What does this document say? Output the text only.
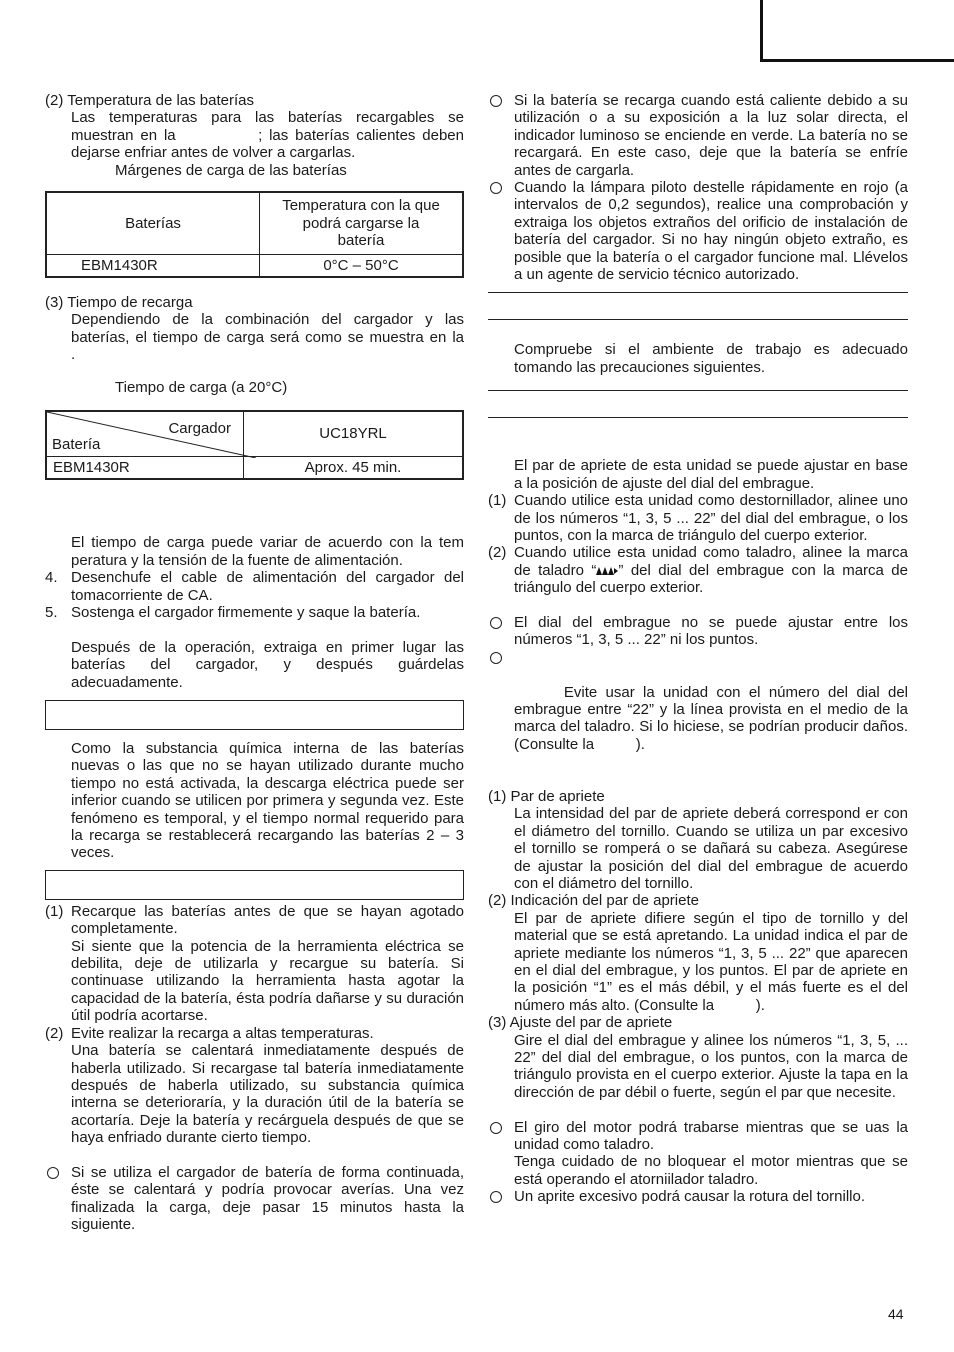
(2) Temperatura de las baterías
Las temperaturas para las baterías recargables se muestran en la            ; las baterías calientes deben dejarse enfriar antes de volver a cargarlas.
Márgenes de carga de las baterías
Baterías	Temperatura con la que podrá cargarse la batería
EBM1430R	0°C – 50°C
(3) Tiempo de recarga
Dependiendo de la combinación del cargador y las baterías, el tiempo de carga será como se muestra en la           .
Tiempo de carga (a 20°C)
Cargador
Batería	UC18YRL
EBM1430R	Aprox. 45 min.
El tiempo de carga puede variar de acuerdo con la tem peratura y la tensión de la fuente de alimentación.
4. Desenchufe el cable de alimentación del cargador del tomacorriente de CA.
5. Sostenga el cargador firmemente y saque la batería.
Después de la operación, extraiga en primer lugar las baterías del cargador, y después guárdelas adecuadamente.
Como la substancia química interna de las baterías nuevas o las que no se hayan utilizado durante mucho tiempo no está activada, la descarga eléctrica puede ser inferior cuando se utilicen por primera y segunda vez. Este fenómeno es temporal, y el tiempo normal requerido para la recarga se restablecerá recargando las baterías 2 – 3 veces.
(1) Recarque las baterías antes de que se hayan agotado completamente.
Si siente que la potencia de la herramienta eléctrica se debilita, deje de utilizarla y recargue su batería. Si continuase utilizando la herramienta hasta agotar la capacidad de la batería, ésta podría dañarse y su duración útil podría acortarse.
(2) Evite realizar la recarga a altas temperaturas.
Una batería se calentará inmediatamente después de haberla utilizado. Si recargase tal batería inmediatamente después de haberla utilizado, su substancia química interna se deterioraría, y la duración útil de la batería se acortaría. Deje la batería y recárguela después de que se haya enfriado durante cierto tiempo.
Si se utiliza el cargador de batería de forma continuada, éste se calentará y podría provocar averías. Una vez finalizada la carga, deje pasar 15 minutos hasta la siguiente.
Si la batería se recarga cuando está caliente debido a su utilización o a su exposición a la luz solar directa, el indicador luminoso se enciende en verde. La batería no se recargará. En este caso, deje que la batería se enfríe antes de cargarla.
Cuando la lámpara piloto destelle rápidamente en rojo (a intervalos de 0,2 segundos), realice una comprobación y extraiga los objetos extraños del orificio de instalación de batería del cargador. Si no hay ningún objeto extraño, es posible que la batería o el cargador funcione mal. Llévelos a un agente de servicio técnico autorizado.
Compruebe si el ambiente de trabajo es adecuado tomando las precauciones siguientes.
El par de apriete de esta unidad se puede ajustar en base a la posición de ajuste del dial del embrague.
(1) Cuando utilice esta unidad como destornillador, alinee uno de los números “1, 3, 5 ... 22” del dial del embrague, o los puntos, con la marca de triángulo del cuerpo exterior.
(2) Cuando utilice esta unidad como taladro, alinee la marca de taladro “ ” del dial del embrague con la marca de triángulo del cuerpo exterior.
El dial del embrague no se puede ajustar entre los números “1, 3, 5 ... 22” ni los puntos.

Evite usar la unidad con el número del dial del embrague entre “22” y la línea provista en el medio de la marca del taladro. Si lo hiciese, se podrían producir daños. (Consulte la          ).

(1) Par de apriete
La intensidad del par de apriete deberá correspond er con el diámetro del tornillo. Cuando se utiliza un par excesivo el tornillo se romperá o se dañará su cabeza. Asegúrese de ajustar la posición del dial del embrague de acuerdo con el diámetro del tornillo.
(2) Indicación del par de apriete
El par de apriete difiere según el tipo de tornillo y del material que se está apretando. La unidad indica el par de apriete mediante los números “1, 3, 5 ... 22” que aparecen en el dial del embrague, y los puntos. El par de apriete en la posición “1” es el más débil, y el más fuerte es el del número más alto. (Consulte la          ).
(3) Ajuste del par de apriete
Gire el dial del embrague y alinee los números “1, 3, 5, ... 22” del dial del embrague, o los puntos, con la marca de triángulo provista en el cuerpo exterior. Ajuste la tapa en la dirección de par débil o fuerte, según el par que necesite.
El giro del motor podrá trabarse mientras que se uas la unidad como taladro.
Tenga cuidado de no bloquear el motor mientras que se está operando el atorniilador taladro.
Un aprite excesivo podrá causar la rotura del tornillo.
44
